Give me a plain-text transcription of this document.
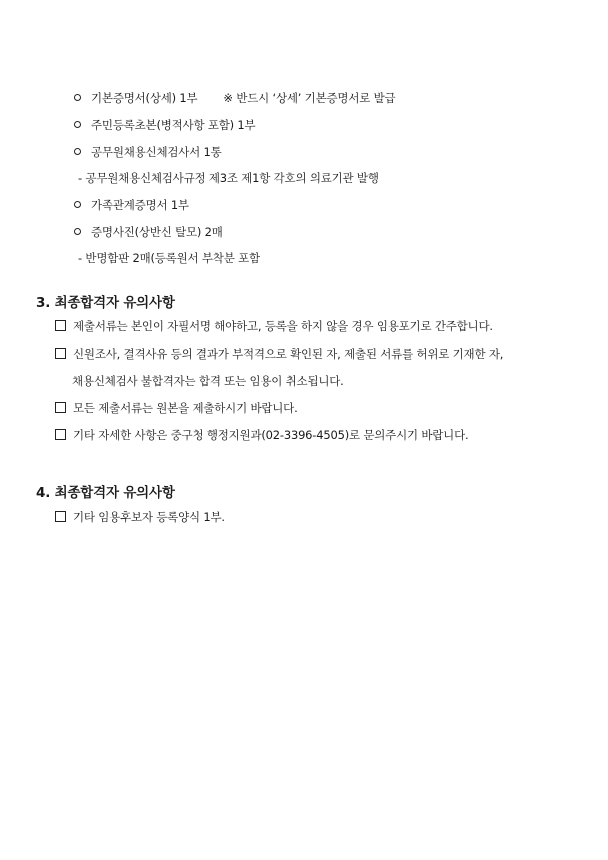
기본증명서(상세) 1부 ※ 반드시 ‘상세’ 기본증명서로 발급
주민등록초본(병적사항 포함) 1부
공무원채용신체검사서 1통
- 공무원채용신체검사규정 제3조 제1항 각호의 의료기관 발행
가족관계증명서 1부
증명사진(상반신 탈모) 2매
- 반명함판 2매(등록원서 부착분 포함
3. 최종합격자 유의사항
제출서류는 본인이 자필서명 해야하고, 등록을 하지 않을 경우 임용포기로 간주합니다.
신원조사, 결격사유 등의 결과가 부적격으로 확인된 자, 제출된 서류를 허위로 기재한 자,
채용신체검사 불합격자는 합격 또는 임용이 취소됩니다.
모든 제출서류는 원본을 제출하시기 바랍니다.
기타 자세한 사항은 중구청 행정지원과(02-3396-4505)로 문의주시기 바랍니다.
4. 최종합격자 유의사항
기타 임용후보자 등록양식 1부.
